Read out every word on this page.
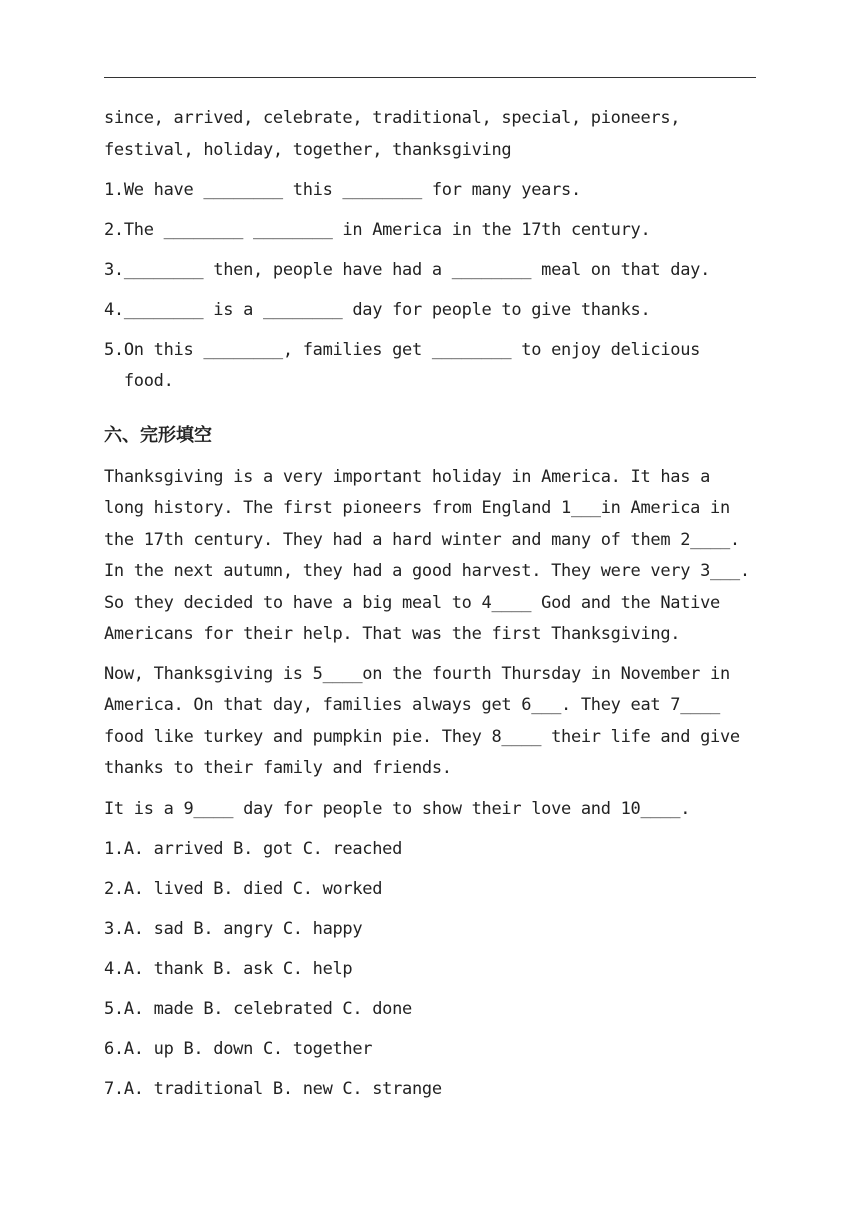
since, arrived, celebrate, traditional, special, pioneers,
festival, holiday, together, thanksgiving
1.We have ________ this ________ for many years.
2.The ________ ________ in America in the 17th century.
3.________ then, people have had a ________ meal on that day.
4.________ is a ________ day for people to give thanks.
5.On this ________, families get ________ to enjoy delicious
food.
六、完形填空
Thanksgiving is a very important holiday in America. It has a
long history. The first pioneers from England 1___in America in
the 17th century. They had a hard winter and many of them 2____.
In the next autumn, they had a good harvest. They were very 3___.
So they decided to have a big meal to 4____ God and the Native
Americans for their help. That was the first Thanksgiving.
Now, Thanksgiving is 5____on the fourth Thursday in November in
America. On that day, families always get 6___. They eat 7____
food like turkey and pumpkin pie. They 8____ their life and give
thanks to their family and friends.
It is a 9____ day for people to show their love and 10____.
1.A. arrived B. got C. reached
2.A. lived B. died C. worked
3.A. sad B. angry C. happy
4.A. thank B. ask C. help
5.A. made B. celebrated C. done
6.A. up B. down C. together
7.A. traditional B. new C. strange
